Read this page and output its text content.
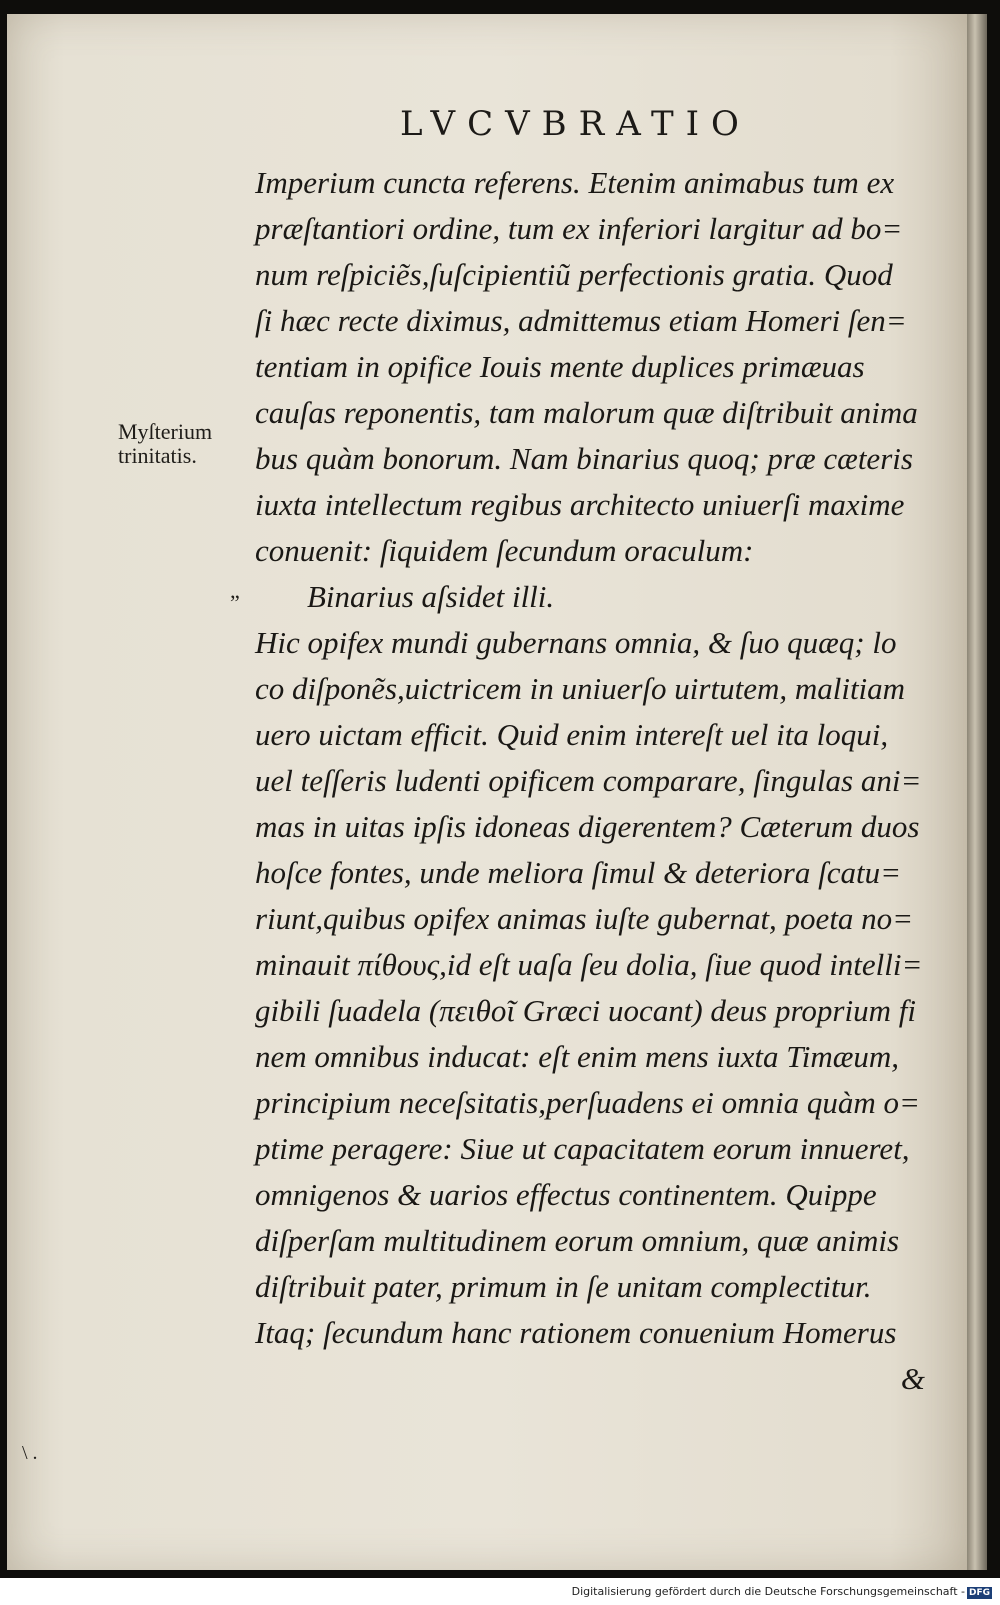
LVCVBRATIO
Myſterium
trinitatis.
”
\ .
Imperium cuncta referens. Etenim animabus tum ex
præſtantiori ordine, tum ex inferiori largitur ad bo=
num reſpiciẽs,ſuſcipientiũ perfectionis gratia. Quod
ſi hæc recte diximus, admittemus etiam Homeri ſen=
tentiam in opifice Iouis mente duplices primæuas
cauſas reponentis, tam malorum quæ diſtribuit anima
bus quàm bonorum. Nam binarius quoq; præ cæteris
iuxta intellectum regibus architecto uniuerſi maxime
conuenit: ſiquidem ſecundum oraculum:
Binarius aſsidet illi.
Hic opifex mundi gubernans omnia, & ſuo quæq; lo
co diſponẽs,uictricem in uniuerſo uirtutem, malitiam
uero uictam efficit. Quid enim intereſt uel ita loqui,
uel teſſeris ludenti opificem comparare, ſingulas ani=
mas in uitas ipſis idoneas digerentem? Cæterum duos
hoſce fontes, unde meliora ſimul & deteriora ſcatu=
riunt,quibus opifex animas iuſte gubernat, poeta no=
minauit πίθους,id eſt uaſa ſeu dolia, ſiue quod intelli=
gibili ſuadela (πειθοῖ Græci uocant) deus proprium fi
nem omnibus inducat: eſt enim mens iuxta Timæum,
principium neceſsitatis,perſuadens ei omnia quàm o=
ptime peragere: Siue ut capacitatem eorum innueret,
omnigenos & uarios effectus continentem. Quippe
diſperſam multitudinem eorum omnium, quæ animis
diſtribuit pater, primum in ſe unitam complectitur.
Itaq; ſecundum hanc rationem conuenium Homerus
&
Digitalisierung gefördert durch die Deutsche Forschungsgemeinschaft - DFG
